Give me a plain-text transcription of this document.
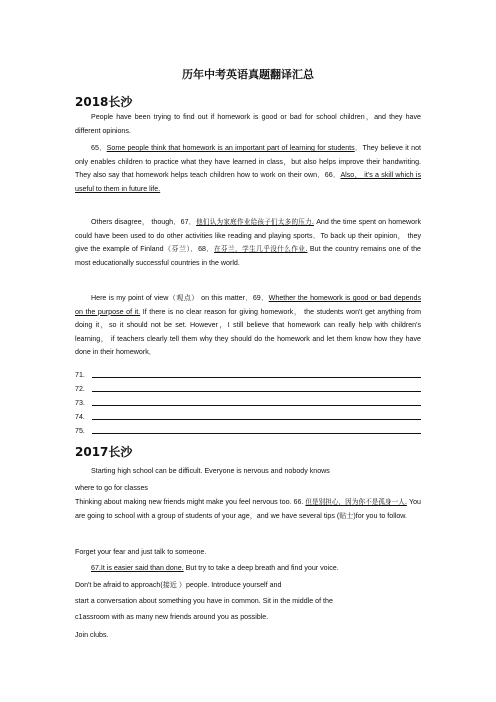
历年中考英语真题翻译汇总
2018长沙
People have been trying to find out if homework is good or bad for school children，and they have different opinions.
65．Some people think that homework is an important part of learning for students．They believe it not only enables children to practice what they have learned in class，but also helps improve their handwriting. They also say that homework helps teach children how to work on their own．66．Also， it's a skill which is useful to them in future life.
Others disagree， though．67．他们认为家庭作业给孩子们太多的压力. And the time spent on homework could have been used to do other activities like reading and playing sports．To back up their opinion， they give the example of Finland（芬兰）．68．在芬兰，学生几乎没什么作业. But the country remains one of the most educationally successful countries in the world.
Here is my point of view（观点） on this matter．69．Whether the homework is good or bad depends on the purpose of it. If there is no clear reason for giving homework， the students won't get anything from doing it，so it should not be set. However，I still believe that homework can really help with children's learning， if teachers clearly tell them why they should do the homework and let them know how they have done in their homework．
71.
72.
73.
74.
75.
2017长沙
Starting high school can be difficult. Everyone is nervous and nobody knows
where to go for classes
Thinking about making new friends might make you feel nervous too. 66. 但是别担心，因为你不是孤身一人. You are going to school with a group of students of your age，and we have several tips (贴士)for you to follow.
Forget your fear and just talk to someone.
67.It is easier said than done. But try to take a deep breath and find your voice.
Don't be afraid to approach(接近 ）people. Introduce yourself and
start a conversation about something you have in common. Sit in the middle of the
c1assroom with as many new friends around you as possible.
Join clubs.
